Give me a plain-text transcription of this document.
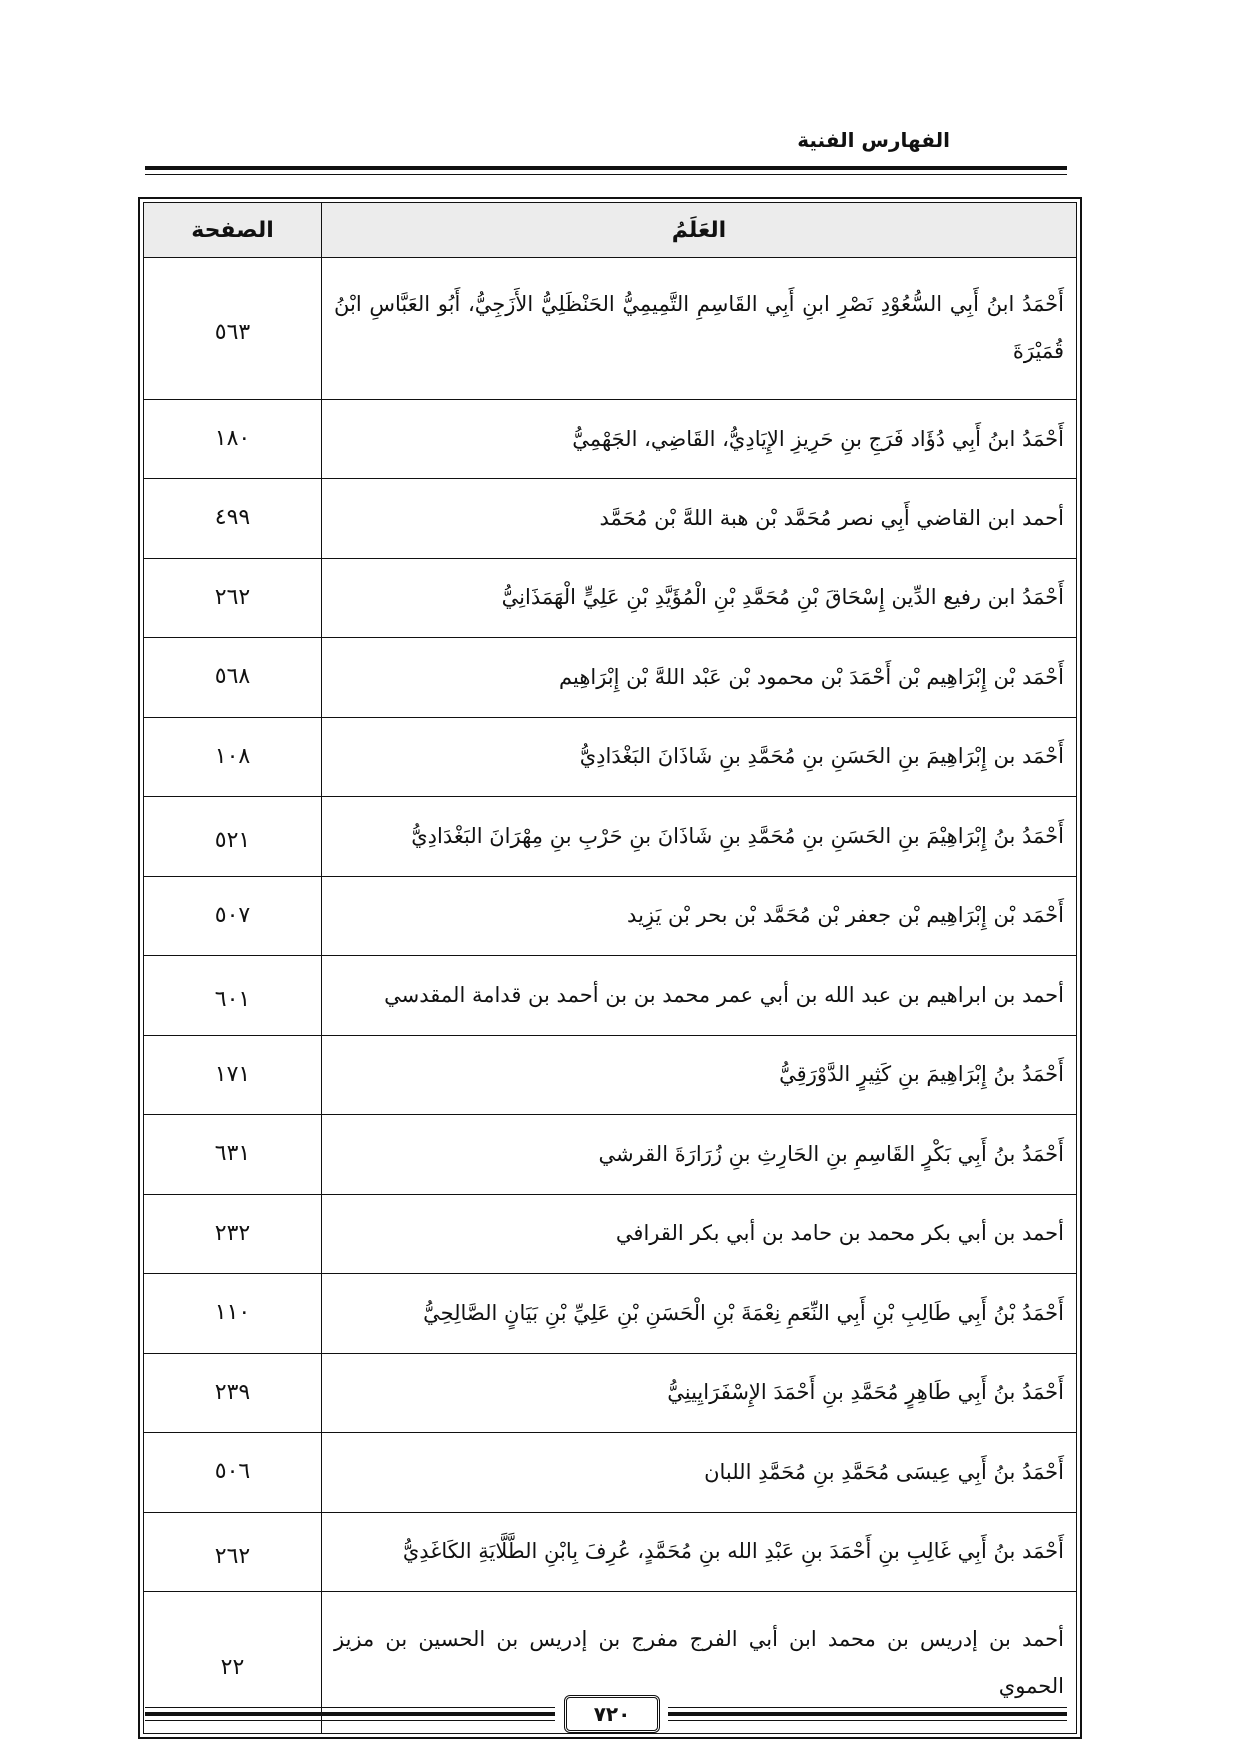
الفهارس الفنية
العَلَمُ	الصفحة
أَحْمَدُ ابنُ أَبِي السُّعُوْدِ نَصْرِ ابنِ أَبِي القَاسِمِ التَّمِيمِيُّ الحَنْظَلِيُّ الأَزَجِيُّ، أَبُو العَبَّاسِ ابْنُ قُمَيْرَةَ	٥٦٣
أَحْمَدُ ابنُ أَبِي دُؤَاد فَرَجِ بنِ حَرِيزِ الإِيَادِيُّ، القَاضِي، الجَهْمِيُّ	١٨٠
أحمد ابن القاضي أَبِي نصر مُحَمَّد بْن هبة اللهَّ بْن مُحَمَّد	٤٩٩
أَحْمَدُ ابن رفيع الدِّين إِسْحَاقَ بْنِ مُحَمَّدِ بْنِ الْمُؤَيَّدِ بْنِ عَلِيٍّ الْهَمَذَانِيُّ	٢٦٢
أَحْمَد بْن إِبْرَاهِيم بْن أَحْمَدَ بْن محمود بْن عَبْد اللهَّ بْن إِبْرَاهِيم	٥٦٨
أَحْمَد بن إِبْرَاهِيمَ بنِ الحَسَنِ بنِ مُحَمَّدِ بنِ شَاذَانَ البَغْدَادِيُّ	١٠٨
أَحْمَدُ بنُ إِبْرَاهِيْمَ بنِ الحَسَنِ بنِ مُحَمَّدِ بنِ شَاذَانَ بنِ حَرْبِ بنِ مِهْرَانَ البَغْدَادِيُّ	٥٢١
أَحْمَد بْن إِبْرَاهِيم بْن جعفر بْن مُحَمَّد بْن بحر بْن يَزِيد	٥٠٧
أحمد بن ابراهيم بن عبد الله بن أبي عمر محمد بن بن أحمد بن قدامة المقدسي	٦٠١
أَحْمَدُ بنُ إِبْرَاهِيمَ بنِ كَثِيرٍ الدَّوْرَقِيُّ	١٧١
أَحْمَدُ بنُ أَبِي بَكْرٍ القَاسِمِ بنِ الحَارِثِ بنِ زُرَارَةَ القرشي	٦٣١
أحمد بن أبي بكر محمد بن حامد بن أبي بكر القرافي	٢٣٢
أَحْمَدُ بْنُ أَبِي طَالِبِ بْنِ أَبِي النِّعَمِ نِعْمَةَ بْنِ الْحَسَنِ بْنِ عَلِيِّ بْنِ بَيَانٍ الصَّالِحِيُّ	١١٠
أَحْمَدُ بنُ أَبِي طَاهِرٍ مُحَمَّدِ بنِ أَحْمَدَ الإِسْفَرَايِينِيُّ	٢٣٩
أَحْمَدُ بنُ أَبِي عِيسَى مُحَمَّدِ بنِ مُحَمَّدِ اللبان	٥٠٦
أَحْمَد بنُ أَبِي غَالِبِ بنِ أَحْمَدَ بنِ عَبْدِ الله بنِ مُحَمَّدٍ، عُرِفَ بِابْنِ الطَّلَّايَةِ الكَاغَدِيُّ	٢٦٢
أحمد بن إدريس بن محمد ابن أبي الفرج مفرج بن إدريس بن الحسين بن مزيز الحموي	٢٢
٧٢٠
